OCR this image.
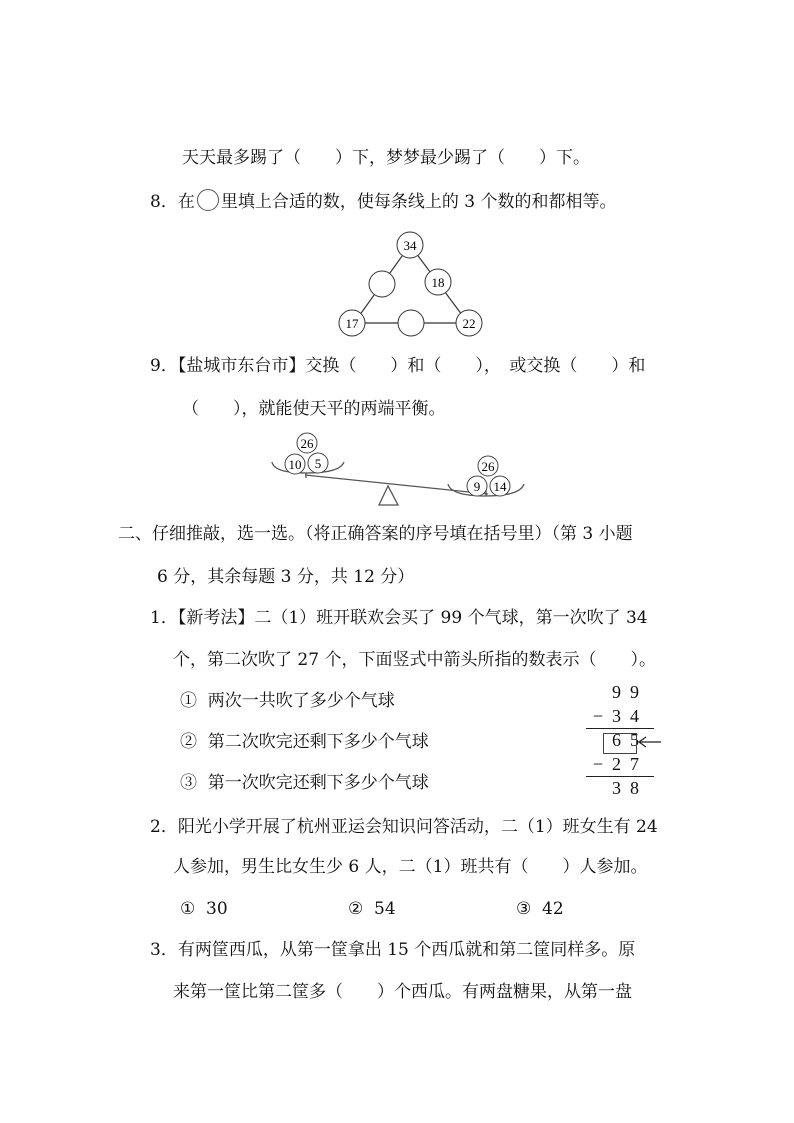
天天最多踢了（　　）下，梦梦最少踢了（　　）下。
8．在 里填上合适的数，使每条线上的 3 个数的和都相等。
34
18
17	22
9．【盐城市东台市】交换（　　）和（　　），　或交换（　　）和
（　　），就能使天平的两端平衡。
26
10 5	26
9 14
二、仔细推敲，选一选。（将正确答案的序号填在括号里）（第 3 小题
6 分，其余每题 3 分，共 12 分）
1．【新考法】二（1）班开联欢会买了 99 个气球，第一次吹了 34
个，第二次吹了 27 个，下面竖式中箭头所指的数表示（　　）。
①  两次一共吹了多少个气球
②  第二次吹完还剩下多少个气球
③  第一次吹完还剩下多少个气球
99
−34
65
−27
38
2．阳光小学开展了杭州亚运会知识问答活动，二（1）班女生有 24
人参加，男生比女生少 6 人，二（1）班共有（　　）人参加。
①  30	②  54	③  42
3．有两筐西瓜，从第一筐拿出 15 个西瓜就和第二筐同样多。原
来第一筐比第二筐多（　　）个西瓜。有两盘糖果，从第一盘
